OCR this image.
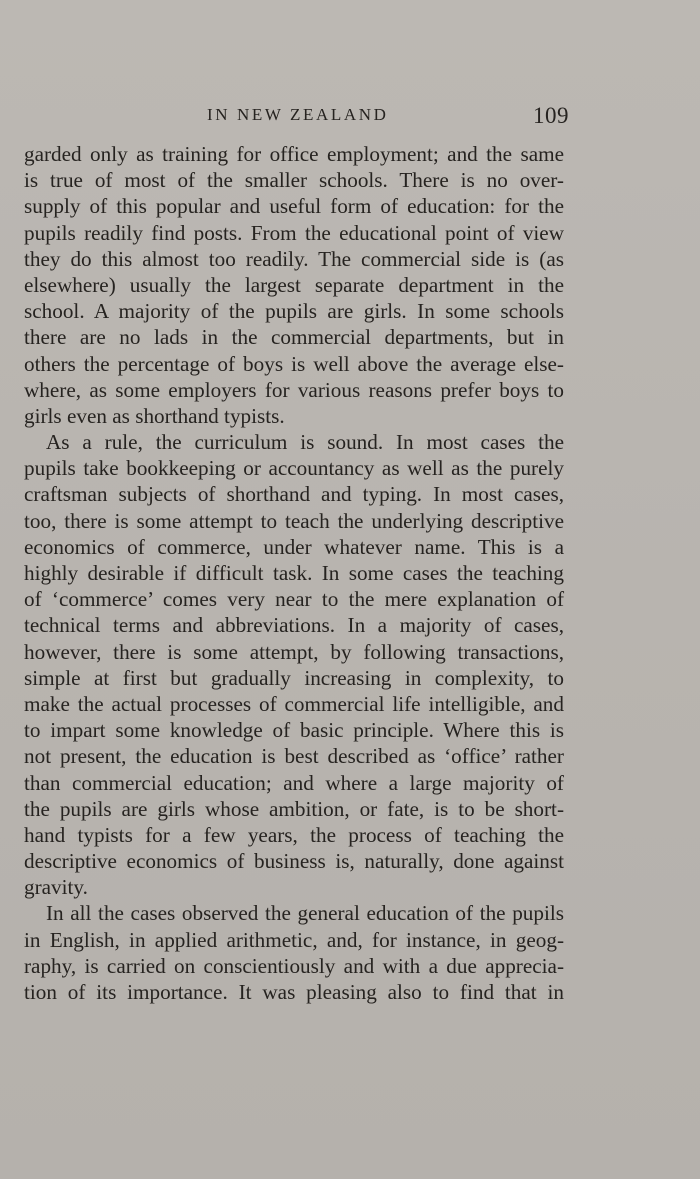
IN NEW ZEALAND	109
garded only as training for office employment; and the same
is true of most of the smaller schools. There is no over-
supply of this popular and useful form of education: for the
pupils readily find posts. From the educational point of view
they do this almost too readily. The commercial side is (as
elsewhere) usually the largest separate department in the
school. A majority of the pupils are girls. In some schools
there are no lads in the commercial departments, but in
others the percentage of boys is well above the average else-
where, as some employers for various reasons prefer boys to
girls even as shorthand typists.
As a rule, the curriculum is sound. In most cases the
pupils take bookkeeping or accountancy as well as the purely
craftsman subjects of shorthand and typing. In most cases,
too, there is some attempt to teach the underlying descriptive
economics of commerce, under whatever name. This is a
highly desirable if difficult task. In some cases the teaching
of ‘commerce’ comes very near to the mere explanation of
technical terms and abbreviations. In a majority of cases,
however, there is some attempt, by following transactions,
simple at first but gradually increasing in complexity, to
make the actual processes of commercial life intelligible, and
to impart some knowledge of basic principle. Where this is
not present, the education is best described as ‘office’ rather
than commercial education; and where a large majority of
the pupils are girls whose ambition, or fate, is to be short-
hand typists for a few years, the process of teaching the
descriptive economics of business is, naturally, done against
gravity.
In all the cases observed the general education of the pupils
in English, in applied arithmetic, and, for instance, in geog-
raphy, is carried on conscientiously and with a due apprecia-
tion of its importance. It was pleasing also to find that in
